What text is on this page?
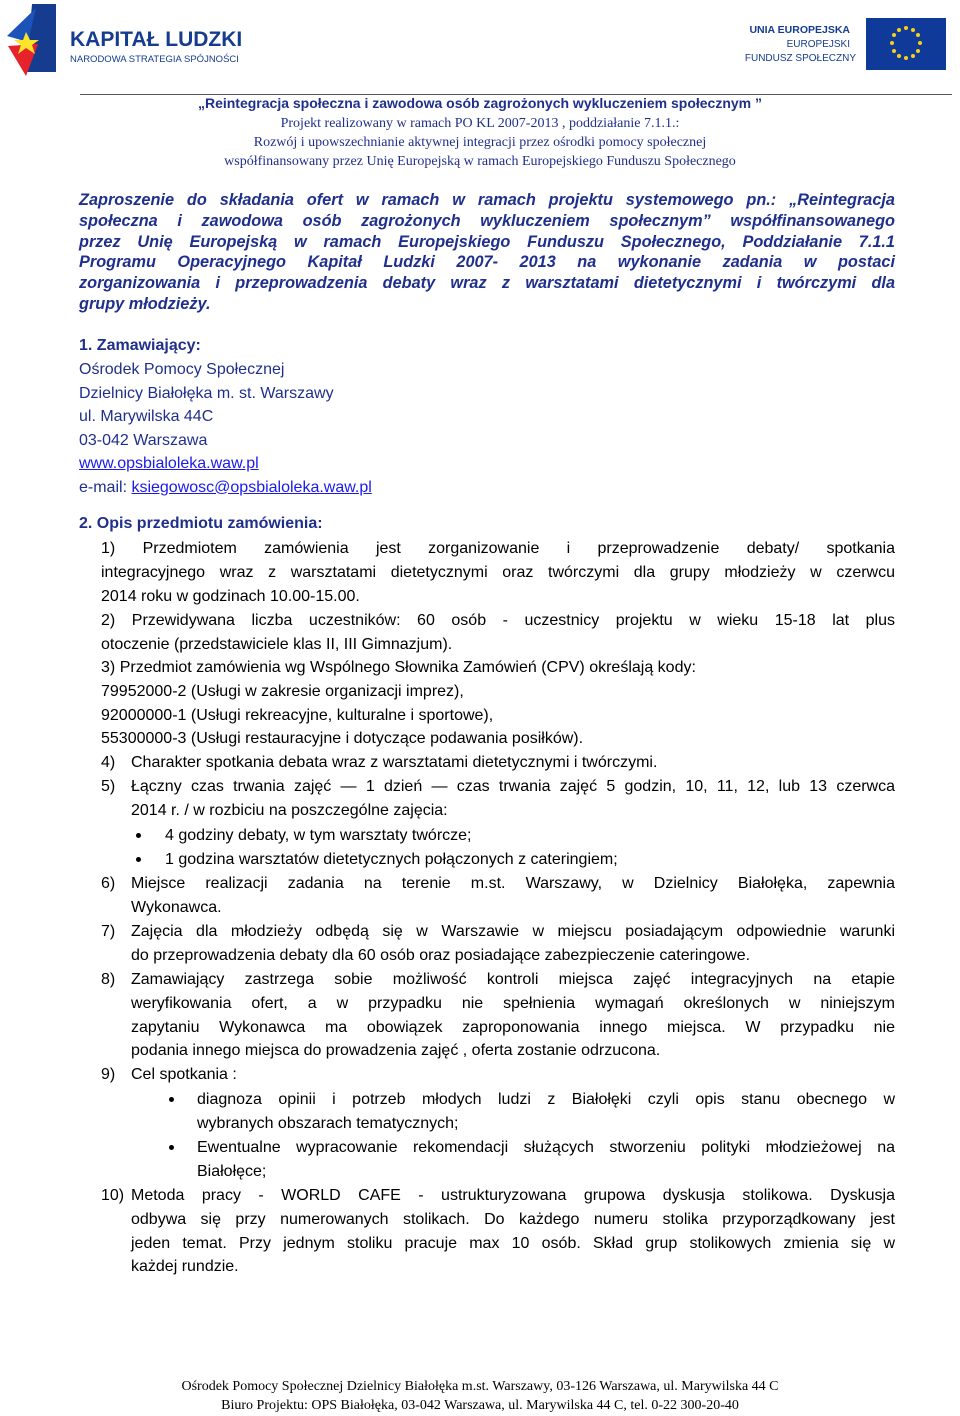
KAPITAŁ LUDZKI
NARODOWA STRATEGIA SPÓJNOŚCI
UNIA EUROPEJSKA
EUROPEJSKI
FUNDUSZ SPOŁECZNY
„Reintegracja społeczna i zawodowa osób zagrożonych wykluczeniem społecznym ”
Projekt realizowany w ramach PO KL 2007-2013 , poddziałanie 7.1.1.:
Rozwój i upowszechnianie aktywnej integracji przez ośrodki pomocy społecznej
współfinansowany przez Unię Europejską w ramach Europejskiego Funduszu Społecznego
Zaproszenie do składania ofert w ramach w ramach projektu systemowego pn.: „Reintegracja
społeczna i zawodowa osób zagrożonych wykluczeniem społecznym” współfinansowanego
przez Unię Europejską w ramach Europejskiego Funduszu Społecznego, Poddziałanie 7.1.1
Programu Operacyjnego Kapitał Ludzki 2007- 2013 na wykonanie zadania w postaci
zorganizowania i przeprowadzenia debaty wraz z warsztatami dietetycznymi i twórczymi dla
grupy młodzieży.
1. Zamawiający:
Ośrodek Pomocy Społecznej
Dzielnicy Białołęka m. st. Warszawy
ul. Marywilska 44C
03-042 Warszawa
www.opsbialoleka.waw.pl
e-mail: ksiegowosc@opsbialoleka.waw.pl
2. Opis przedmiotu zamówienia:
1) Przedmiotem zamówienia jest zorganizowanie i przeprowadzenie debaty/ spotkania
integracyjnego wraz z warsztatami dietetycznymi oraz twórczymi dla grupy młodzieży w czerwcu
2014 roku w godzinach 10.00-15.00.
2) Przewidywana liczba uczestników: 60 osób - uczestnicy projektu w wieku 15-18 lat plus
otoczenie (przedstawiciele klas II, III Gimnazjum).
3) Przedmiot zamówienia wg Wspólnego Słownika Zamówień (CPV) określają kody:
79952000-2 (Usługi w zakresie organizacji imprez),
92000000-1 (Usługi rekreacyjne, kulturalne i sportowe),
55300000-3 (Usługi restauracyjne i dotyczące podawania posiłków).
4) Charakter spotkania debata wraz z warsztatami dietetycznymi i twórczymi.
5) Łączny czas trwania zajęć — 1 dzień — czas trwania zajęć 5 godzin, 10, 11, 12, lub 13 czerwca
2014 r. / w rozbiciu na poszczególne zajęcia:
4 godziny debaty, w tym warsztaty twórcze;
1 godzina warsztatów dietetycznych połączonych z cateringiem;
6) Miejsce realizacji zadania na terenie m.st. Warszawy, w Dzielnicy Białołęka, zapewnia
Wykonawca.
7) Zajęcia dla młodzieży odbędą się w Warszawie w miejscu posiadającym odpowiednie warunki
do przeprowadzenia debaty dla 60 osób oraz posiadające zabezpieczenie cateringowe.
8) Zamawiający zastrzega sobie możliwość kontroli miejsca zajęć integracyjnych na etapie
weryfikowania ofert, a w przypadku nie spełnienia wymagań określonych w niniejszym
zapytaniu Wykonawca ma obowiązek zaproponowania innego miejsca. W przypadku nie
podania innego miejsca do prowadzenia zajęć , oferta zostanie odrzucona.
9) Cel spotkania :
diagnoza opinii i potrzeb młodych ludzi z Białołęki czyli opis stanu obecnego w
wybranych obszarach tematycznych;
Ewentualne wypracowanie rekomendacji służących stworzeniu polityki młodzieżowej na
Białołęce;
10) Metoda pracy - WORLD CAFE - ustrukturyzowana grupowa dyskusja stolikowa. Dyskusja
odbywa się przy numerowanych stolikach. Do każdego numeru stolika przyporządkowany jest
jeden temat. Przy jednym stoliku pracuje max 10 osób. Skład grup stolikowych zmienia się w
każdej rundzie.
Ośrodek Pomocy Społecznej Dzielnicy Białołęka m.st. Warszawy, 03-126 Warszawa, ul. Marywilska 44 C
Biuro Projektu: OPS Białołęka, 03-042 Warszawa, ul. Marywilska 44 C, tel. 0-22 300-20-40
